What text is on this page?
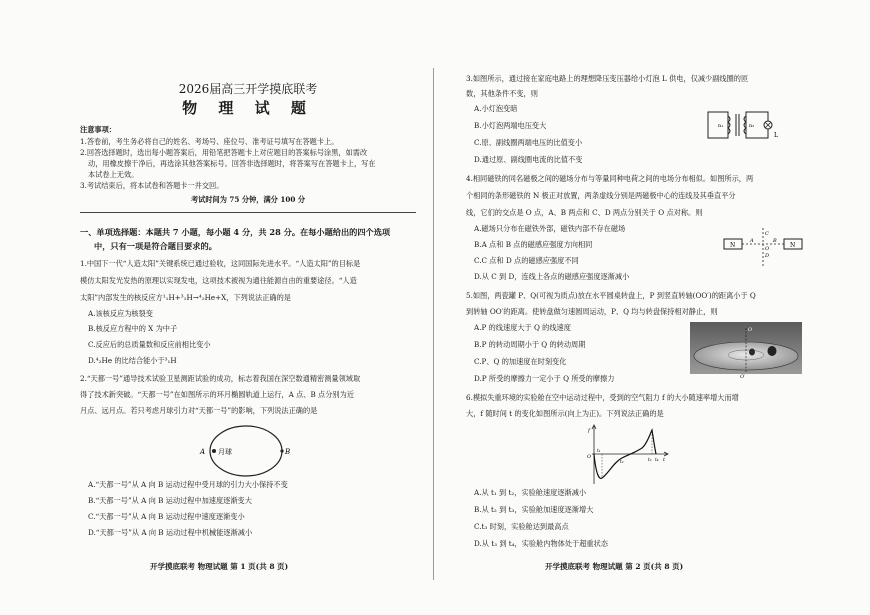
2026届高三开学摸底联考
物 理 试 题
注意事项：
1.答卷前，考生务必将自己的姓名、考场号、座位号、准考证号填写在答题卡上。
2.回答选择题时，选出每小题答案后，用铅笔把答题卡上对应题目的答案标号涂黑，如需改
动，用橡皮擦干净后，再选涂其他答案标号。回答非选择题时，将答案写在答题卡上，写在
本试卷上无效。
3.考试结束后，将本试卷和答题卡一并交回。
考试时间为 75 分钟，满分 100 分
一、单项选择题：本题共 7 小题，每小题 4 分，共 28 分。在每小题给出的四个选项
中，只有一项是符合题目要求的。
1.中国下一代“人造太阳”关键系统已通过验收，这同国际先进水平。“人造太阳”的目标是
模仿太阳发光发热的原理以实现发电，这项技术被视为通往能源自由的重要途径。“人造
太阳”内部发生的核反应方¹₁H+³₁H→⁴₂He+X，下列说法正确的是
A.该核反应为核裂变
B.核反应方程中的 X 为中子
C.反应后的总质量数和反应前相比变小
D.⁴₂He 的比结合能小于³₁H
2.“天都一号”通导技术试验卫星测距试验的成功，标志着我国在深空数通精密测量领域取
得了技术新突破。“天都一号”在如图所示的环月椭圆轨道上运行，A 点、B 点分别为近
月点、远月点。若只考虑月球引力对“天都一号”的影响，下列说法正确的是
A 月球	B
A.“天都一号”从 A 向 B 运动过程中受月球的引力大小保持不变
B.“天都一号”从 A 向 B 运动过程中加速度逐渐变大
C.“天都一号”从 A 向 B 运动过程中速度逐渐变小
D.“天都一号”从 A 向 B 运动过程中机械能逐渐减小
开学摸底联考 物理试题 第 1 页(共 8 页)
3.如图所示，通过接在家庭电路上的理想降压变压器给小灯泡 L 供电，仅减少副线圈的匝
数，其他条件不变，则
A.小灯泡变暗
B.小灯泡两端电压变大
C.原、副线圈两端电压的比值变小
D.通过原、副线圈电流的比值不变
n₁	n₂
L
4.相同磁铁的同名磁极之间的磁场分布与等量同种电荷之间的电场分布相似。如图所示，两
个相同的条形磁铁的 N 极正对放置，两条虚线分别是两磁极中心的连线及其垂直平分
线，它们的交点是 O 点，A、B 两点和 C、D 两点分别关于 O 点对称。则
A.磁场只分布在磁铁外部，磁铁内部不存在磁场
B.A 点和 B 点的磁感应强度方向相同
C.C 点和 D 点的磁感应强度不同
D.从 C 到 D，连线上各点的磁感应强度逐渐减小
N	N
A	B
C
D
O
5.如图，两瓷罐 P、Q(可视为质点)放在水平圆桌转盘上，P 到竖直转轴(OO′)的距离小于 Q
到转轴 OO′的距离。使转盘做匀速圆周运动，P、Q 均与转盘保持相对静止，则
A.P 的线速度大于 Q 的线速度
B.P 的转动周期小于 Q 的转动周期
C.P、Q 的加速度在时刻变化
D.P 所受的摩擦力一定小于 Q 所受的摩擦力
O
O′
6.模拟失重环境的实验舱在空中运动过程中，受到的空气阻力 f 的大小随速率增大而增
大，f 随时间 t 的变化如图所示(向上为正)。下列说法正确的是
f
O
t₁
t₂	t₃ t₄ t
A.从 t₁ 到 t₂，实验舱速度逐渐减小
B.从 t₂ 到 t₃，实验舱加速度逐渐增大
C.t₃ 时刻，实验舱达到最高点
D.从 t₃ 到 t₄，实验舱内物体处于超重状态
开学摸底联考 物理试题 第 2 页(共 8 页)
